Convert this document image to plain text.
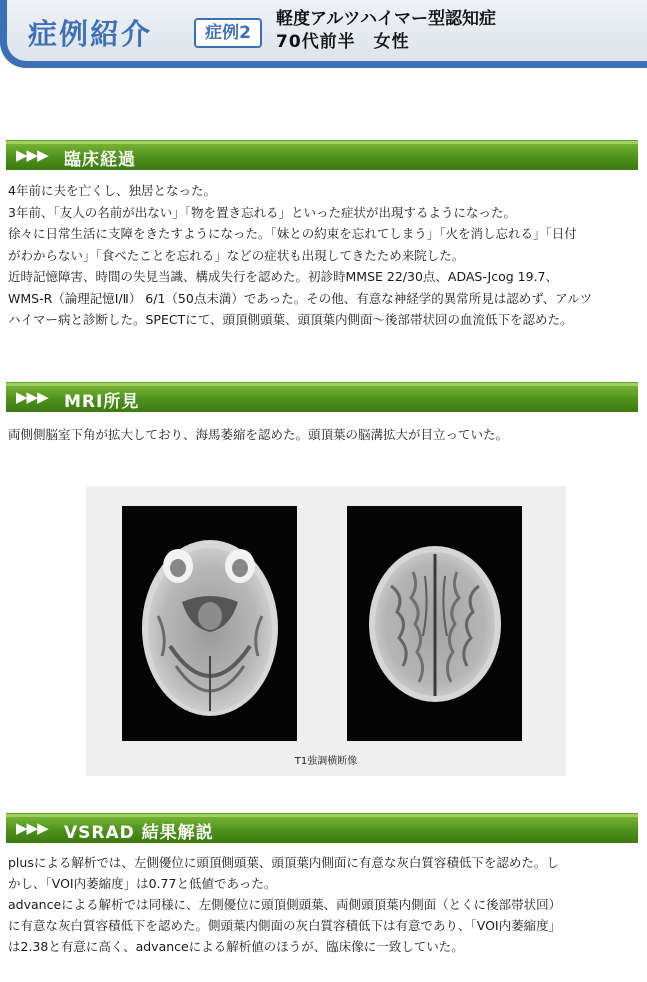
症例紹介	症例2
軽度アルツハイマー型認知症
70代前半　女性
▶▶▶ 臨床経過

4年前に夫を亡くし、独居となった。

3年前、「友人の名前が出ない」「物を置き忘れる」といった症状が出現するようになった。

徐々に日常生活に支障をきたすようになった。「妹との約束を忘れてしまう」「火を消し忘れる」「日付

がわからない」「食べたことを忘れる」などの症状も出現してきたため来院した。

近時記憶障害、時間の失見当識、構成失行を認めた。初診時MMSE 22/30点、ADAS-Jcog 19.7、

WMS-R（論理記憶Ⅰ/Ⅱ） 6/1（50点未満）であった。その他、有意な神経学的異常所見は認めず、アルツ

ハイマー病と診断した。SPECTにて、頭頂側頭葉、頭頂葉内側面～後部帯状回の血流低下を認めた。

▶▶▶ MRI所見

両側側脳室下角が拡大しており、海馬萎縮を認めた。頭頂葉の脳溝拡大が目立っていた。

T1強調横断像
▶▶▶ VSRAD 結果解説

plusによる解析では、左側優位に頭頂側頭葉、頭頂葉内側面に有意な灰白質容積低下を認めた。し

かし、「VOI内萎縮度」は0.77と低値であった。

advanceによる解析では同様に、左側優位に頭頂側頭葉、両側頭頂葉内側面（とくに後部帯状回）

に有意な灰白質容積低下を認めた。側頭葉内側面の灰白質容積低下は有意であり、「VOI内萎縮度」

は2.38と有意に高く、advanceによる解析値のほうが、臨床像に一致していた。
